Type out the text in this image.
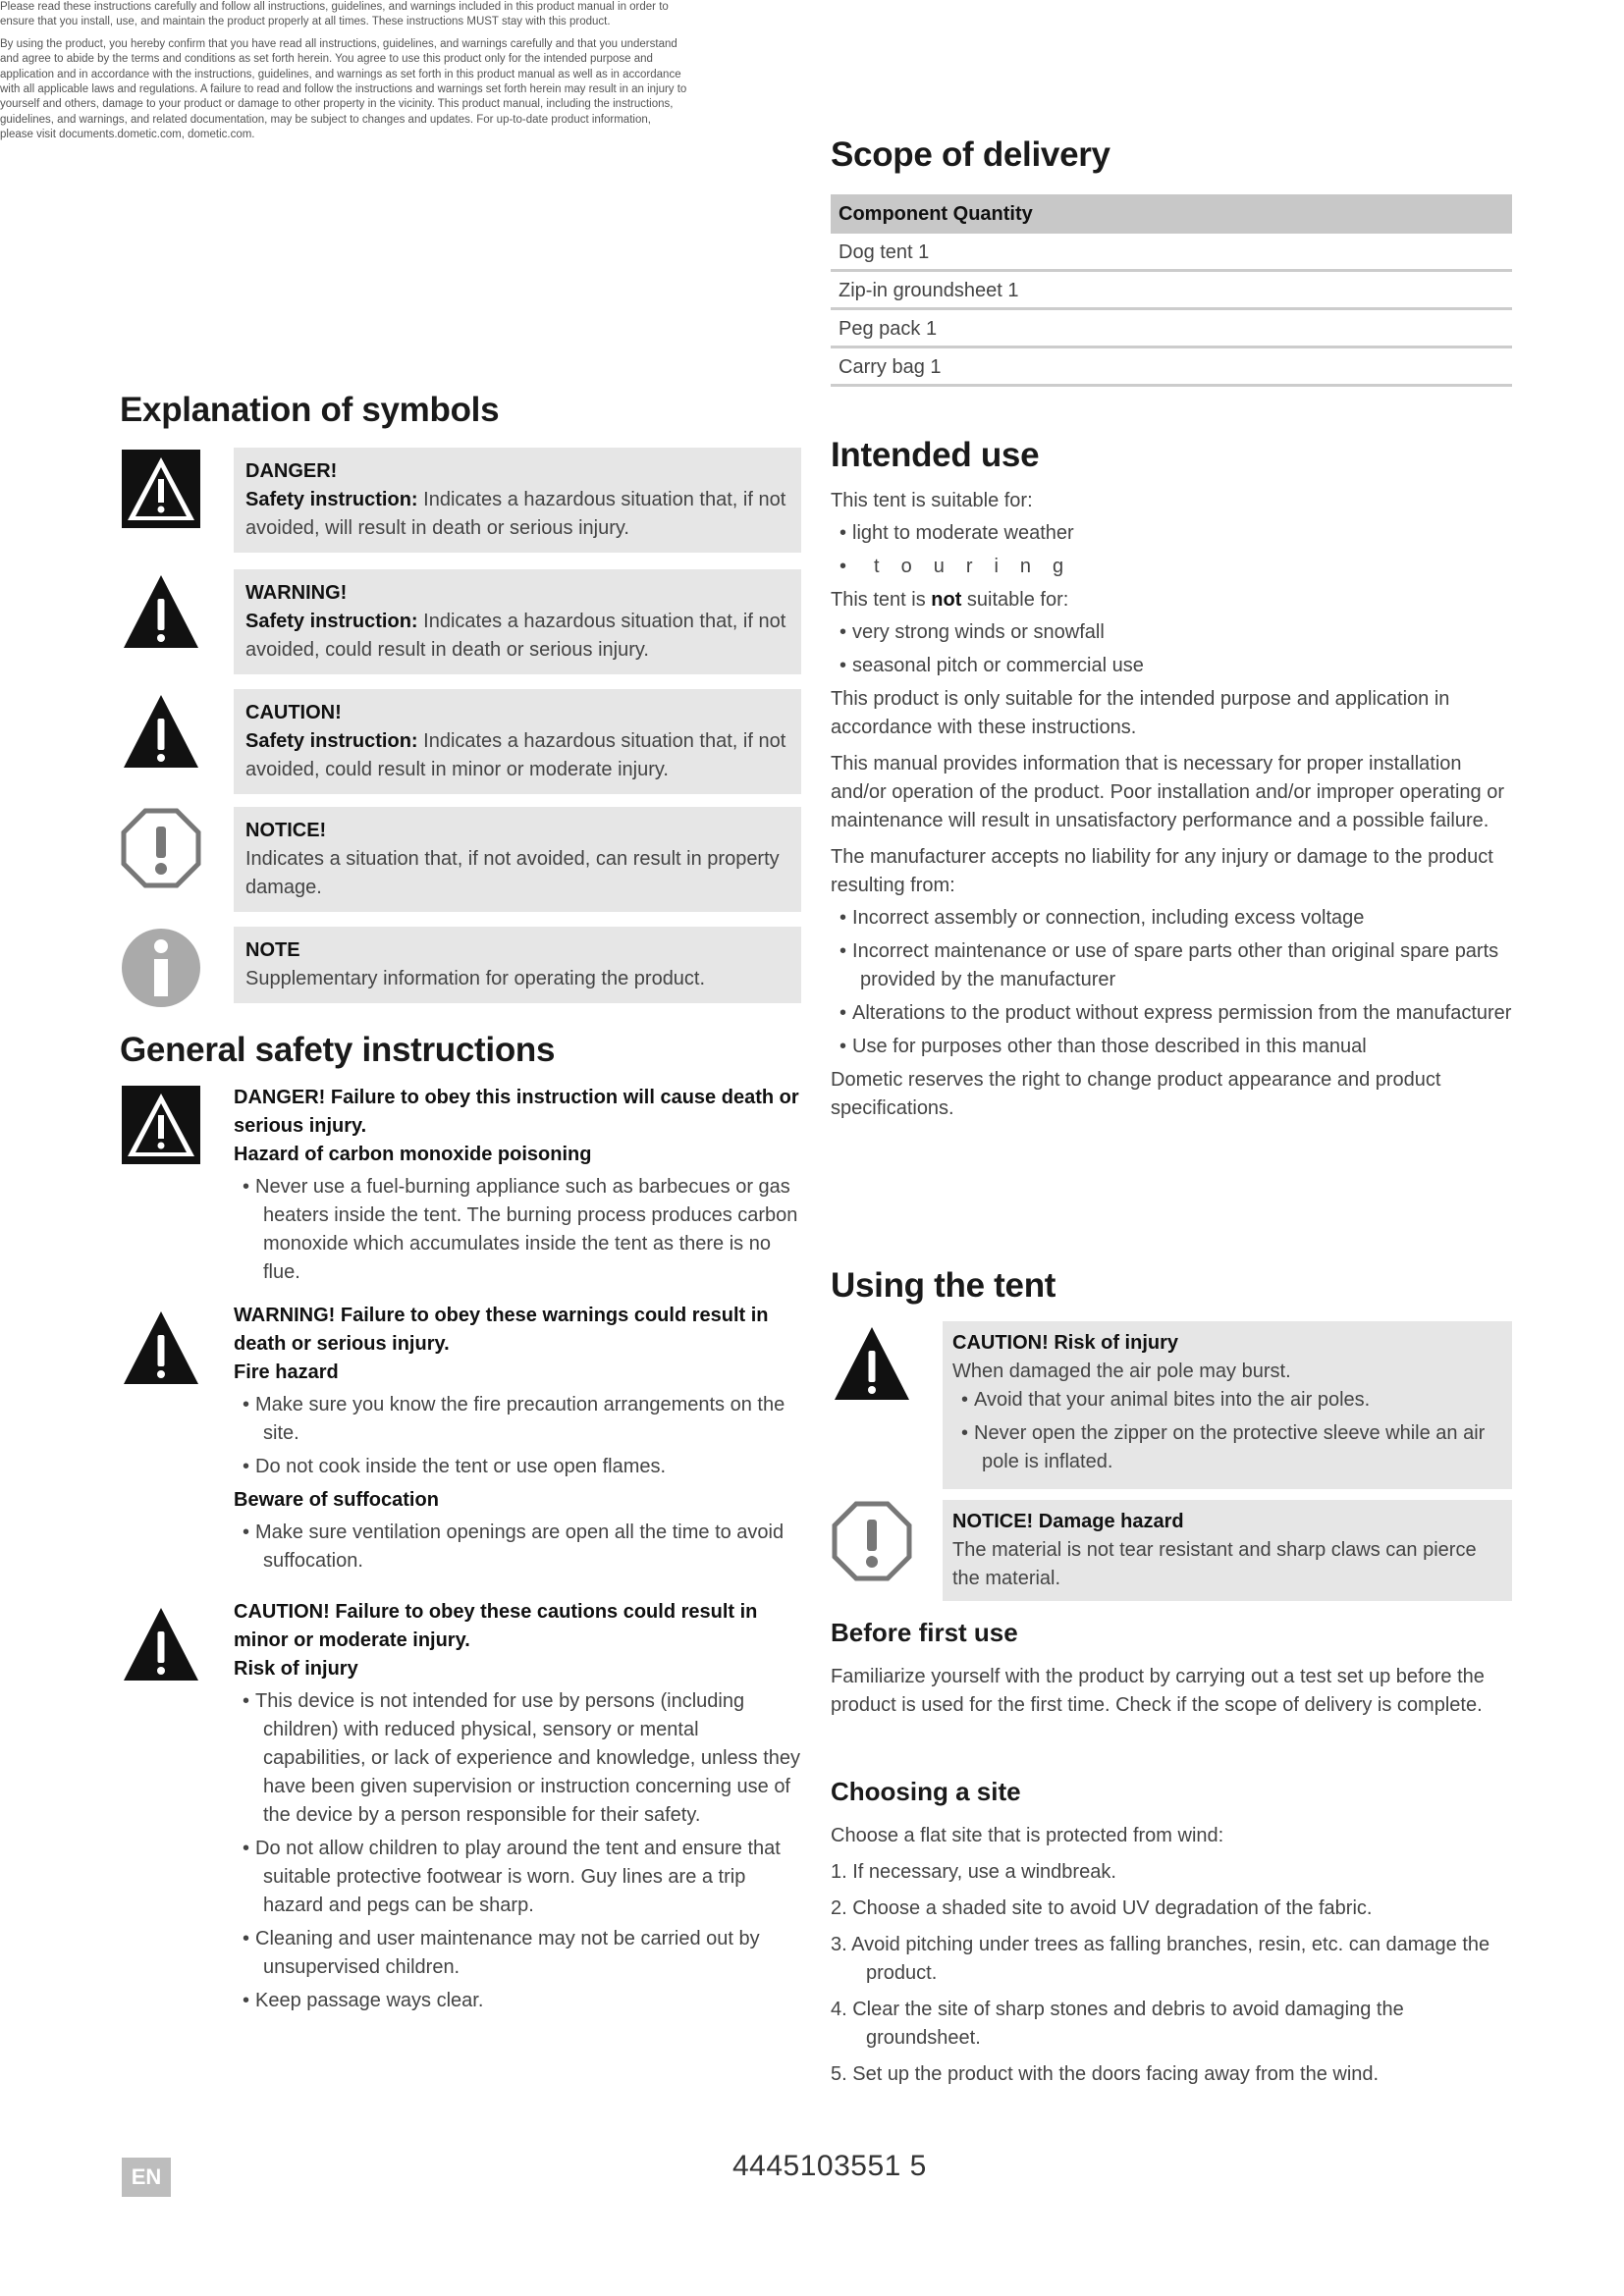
Please read these instructions carefully and follow all instructions, guidelines, and warnings included in this product manual in order to ensure that you install, use, and maintain the product properly at all times. These instructions MUST stay with this product.

By using the product, you hereby confirm that you have read all instructions, guidelines, and warnings carefully and that you understand and agree to abide by the terms and conditions as set forth herein. You agree to use this product only for the intended purpose and application and in accordance with the instructions, guidelines, and warnings as set forth in this product manual as well as in accordance with all applicable laws and regulations. A failure to read and follow the instructions and warnings set forth herein may result in an injury to yourself and others, damage to your product or damage to other property in the vicinity. This product manual, including the instructions, guidelines, and warnings, and related documentation, may be subject to changes and updates. For up-to-date product information, please visit documents.dometic.com, dometic.com.

Explanation of symbols
DANGER!
Safety instruction: Indicates a hazardous situation that, if not avoided, will result in death or serious injury.
WARNING!
Safety instruction: Indicates a hazardous situation that, if not avoided, could result in death or serious injury.
CAUTION!
Safety instruction: Indicates a hazardous situation that, if not avoided, could result in minor or moderate injury.
NOTICE!
Indicates a situation that, if not avoided, can result in property damage.
NOTE
Supplementary information for operating the product.
General safety instructions
DANGER! Failure to obey this instruction will cause death or serious injury.
Hazard of carbon monoxide poisoning
• Never use a fuel-burning appliance such as barbecues or gas heaters inside the tent. The burning process produces carbon monoxide which accumulates inside the tent as there is no flue.
WARNING! Failure to obey these warnings could result in death or serious injury.
Fire hazard
• Make sure you know the fire precaution arrangements on the site.
• Do not cook inside the tent or use open flames.
Beware of suffocation
• Make sure ventilation openings are open all the time to avoid suffocation.
CAUTION! Failure to obey these cautions could result in minor or moderate injury.
Risk of injury
• This device is not intended for use by persons (including children) with reduced physical, sensory or mental capabilities, or lack of experience and knowledge, unless they have been given supervision or instruction concerning use of the device by a person responsible for their safety.
• Do not allow children to play around the tent and ensure that suitable protective footwear is worn. Guy lines are a trip hazard and pegs can be sharp.
• Cleaning and user maintenance may not be carried out by unsupervised children.
• Keep passage ways clear.
Scope of delivery
Component Quantity
Dog tent 1
Zip-in groundsheet 1
Peg pack 1
Carry bag 1
Intended use

This tent is suitable for:

• light to moderate weather
• touring

This tent is not suitable for:

• very strong winds or snowfall
• seasonal pitch or commercial use

This product is only suitable for the intended purpose and application in accordance with these instructions.

This manual provides information that is necessary for proper installation and/or operation of the product. Poor installation and/or improper operating or maintenance will result in unsatisfactory performance and a possible failure.

The manufacturer accepts no liability for any injury or damage to the product resulting from:

• Incorrect assembly or connection, including excess voltage
• Incorrect maintenance or use of spare parts other than original spare parts provided by the manufacturer
• Alterations to the product without express permission from the manufacturer
• Use for purposes other than those described in this manual

Dometic reserves the right to change product appearance and product specifications.

Using the tent
CAUTION! Risk of injury
When damaged the air pole may burst.
• Avoid that your animal bites into the air poles.
• Never open the zipper on the protective sleeve while an air pole is inflated.
NOTICE! Damage hazard
The material is not tear resistant and sharp claws can pierce the material.
Before first use

Familiarize yourself with the product by carrying out a test set up before the product is used for the first time. Check if the scope of delivery is complete.

Choosing a site

Choose a flat site that is protected from wind:

1. If necessary, use a windbreak.
2. Choose a shaded site to avoid UV degradation of the fabric.
3. Avoid pitching under trees as falling branches, resin, etc. can damage the product.
4. Clear the site of sharp stones and debris to avoid damaging the groundsheet.
5. Set up the product with the doors facing away from the wind.
EN	4445103551 5
